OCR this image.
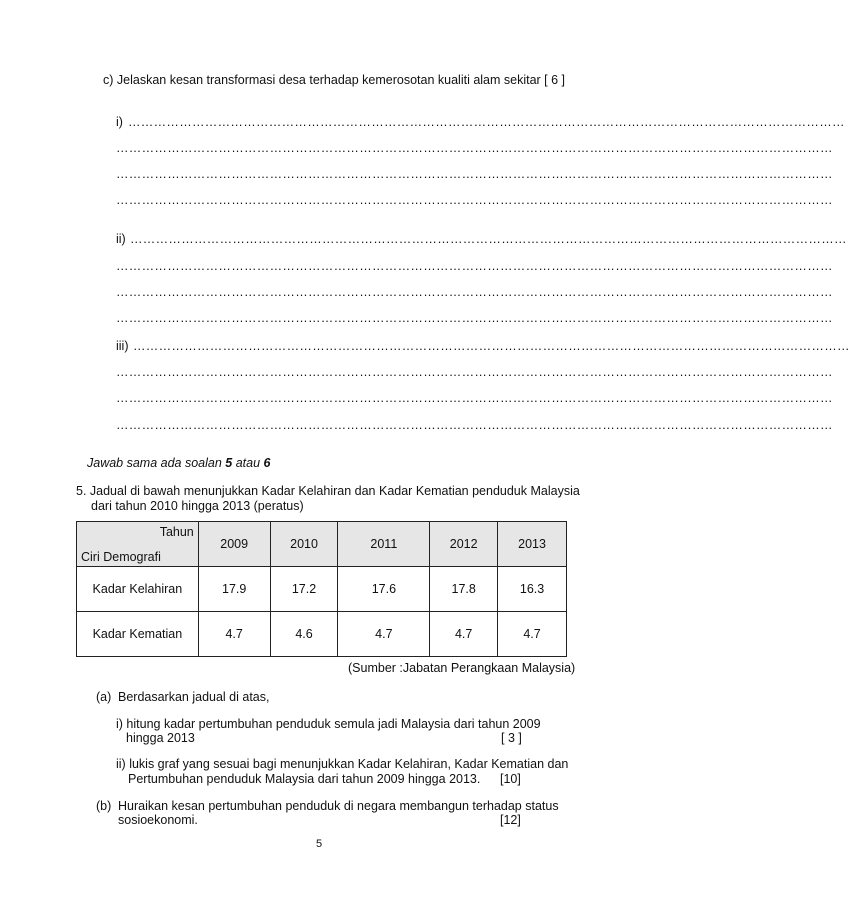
c) Jelaskan kesan transformasi desa terhadap kemerosotan kualiti alam sekitar [ 6 ]
i) ……………………………………………………………………………………………………………………………………………………
……………………………………………………………………………………………………………………………………………………
……………………………………………………………………………………………………………………………………………………
……………………………………………………………………………………………………………………………………………………
ii) ……………………………………………………………………………………………………………………………………………………
……………………………………………………………………………………………………………………………………………………
……………………………………………………………………………………………………………………………………………………
……………………………………………………………………………………………………………………………………………………
iii) ……………………………………………………………………………………………………………………………………………………
……………………………………………………………………………………………………………………………………………………
……………………………………………………………………………………………………………………………………………………
……………………………………………………………………………………………………………………………………………………
Jawab sama ada soalan 5 atau 6
5. Jadual di bawah menunjukkan Kadar Kelahiran dan Kadar Kematian penduduk Malaysia
dari tahun 2010 hingga 2013 (peratus)
Tahun
Ciri Demografi	2009	2010	2011	2012	2013
Kadar Kelahiran	17.9	17.2	17.6	17.8	16.3
Kadar Kematian	4.7	4.6	4.7	4.7	4.7
(Sumber :Jabatan Perangkaan Malaysia)
(a) Berdasarkan jadual di atas,
i) hitung kadar pertumbuhan penduduk semula jadi Malaysia dari tahun 2009
hingga 2013	[ 3 ]
ii) lukis graf yang sesuai bagi menunjukkan Kadar Kelahiran, Kadar Kematian dan
Pertumbuhan penduduk Malaysia dari tahun 2009 hingga 2013. [10]
(b) Huraikan kesan pertumbuhan penduduk di negara membangun terhadap status
sosioekonomi.	[12]
5
